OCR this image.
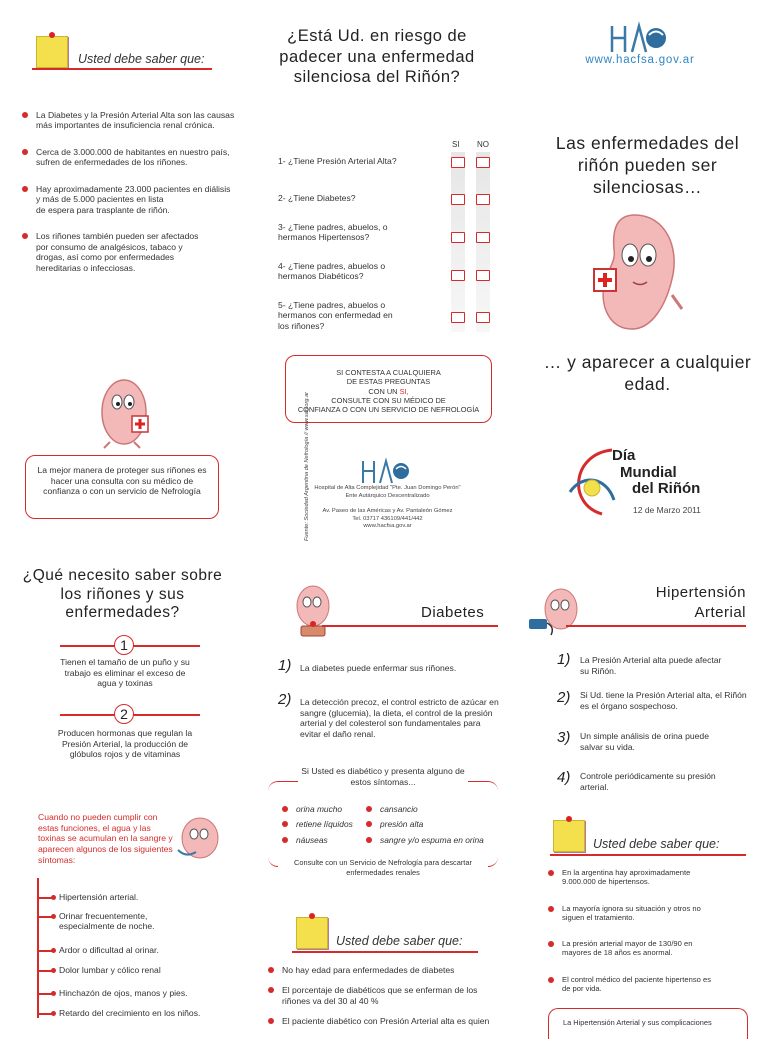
Usted debe saber que:
La Diabetes y la Presión Arterial Alta son las causas
más importantes de insuficiencia renal crónica.
Cerca de 3.000.000 de habitantes en nuestro país,
sufren de enfermedades de los riñones.
Hay aproximadamente 23.000 pacientes en diálisis
y más de 5.000 pacientes en lista
de espera para trasplante de riñón.
Los riñones también pueden ser afectados
por consumo de analgésicos, tabaco y
drogas, así como por enfermedades
hereditarias o infecciosas.
La mejor manera de proteger sus riñones es hacer una consulta con su médico de confianza o con un servicio de Nefrología
¿Está Ud. en riesgo de padecer una enfermedad silenciosa del Riñón?
SI NO
1- ¿Tiene Presión Arterial Alta?
2- ¿Tiene Diabetes?
3- ¿Tiene padres, abuelos, o hermanos Hipertensos?
4- ¿Tiene padres, abuelos o hermanos Diabéticos?
5- ¿Tiene padres, abuelos o hermanos con enfermedad en los riñones?
SI CONTESTA A CUALQUIERA
DE ESTAS PREGUNTAS
CON UN SI,
CONSULTE CON SU MÉDICO DE
CONFIANZA O CON UN SERVICIO DE NEFROLOGÍA
Fuente: Sociedad Argentina de Nefrología // www.san.org.ar Hospital de Alta Complejidad "Pte. Juan Domingo Perón"
Ente Autárquico Descentralizado
Av. Paseo de las Américas y Av. Pantaleón Gómez
Tel. 03717 436109/441/442
www.hacfsa.gov.ar
www.hacfsa.gov.ar
Las enfermedades del riñón pueden ser silenciosas…
… y aparecer a cualquier edad.
Día
Mundial
del Riñón
12 de Marzo 2011
¿Qué necesito saber sobre los riñones y sus enfermedades?
1
Tienen el tamaño de un puño y su trabajo es eliminar el exceso de agua y toxinas
2
Producen hormonas que regulan la Presión Arterial, la producción de glóbulos rojos y de vitaminas
Cuando no pueden cumplir con estas funciones, el agua y las toxinas se acumulan en la sangre y aparecen algunos de los siguientes síntomas:
Hipertensión arterial.
Orinar frecuentemente, especialmente de noche.
Ardor o dificultad al orinar.
Dolor lumbar y cólico renal
Hinchazón de ojos, manos y pies.
Retardo del crecimiento en los niños.
Diabetes
1) La diabetes puede enfermar sus riñones.
2) La detección precoz, el control estricto de azúcar en sangre (glucemia), la dieta, el control de la presión arterial y del colesterol son fundamentales para evitar el daño renal.
Si Usted es diabético y presenta alguno de estos síntomas...
orina mucho
retiene líquidos
náuseas
cansancio
presión alta
sangre y/o espuma en orina
Consulte con un Servicio de Nefrología para descartar enfermedades renales
Usted debe saber que:
No hay edad para enfermedades de diabetes
El porcentaje de diabéticos que se enferman de los riñones va del 30 al 40 %
El paciente diabético con Presión Arterial alta es quien
Hipertensión
Arterial
1) La Presión Arterial alta puede afectar su Riñón.
2) Si Ud. tiene la Presión Arterial alta, el Riñón es el órgano sospechoso.
3) Un simple análisis de orina puede salvar su vida.
4) Controle periódicamente su presión arterial.
Usted debe saber que:
En la argentina hay aproximadamente 9.000.000 de hipertensos.
La mayoría ignora su situación y otros no siguen el tratamiento.
La presión arterial mayor de 130/90 en mayores de 18 años es anormal.
El control médico del paciente hipertenso es de por vida.
La Hipertensión Arterial y sus complicaciones
